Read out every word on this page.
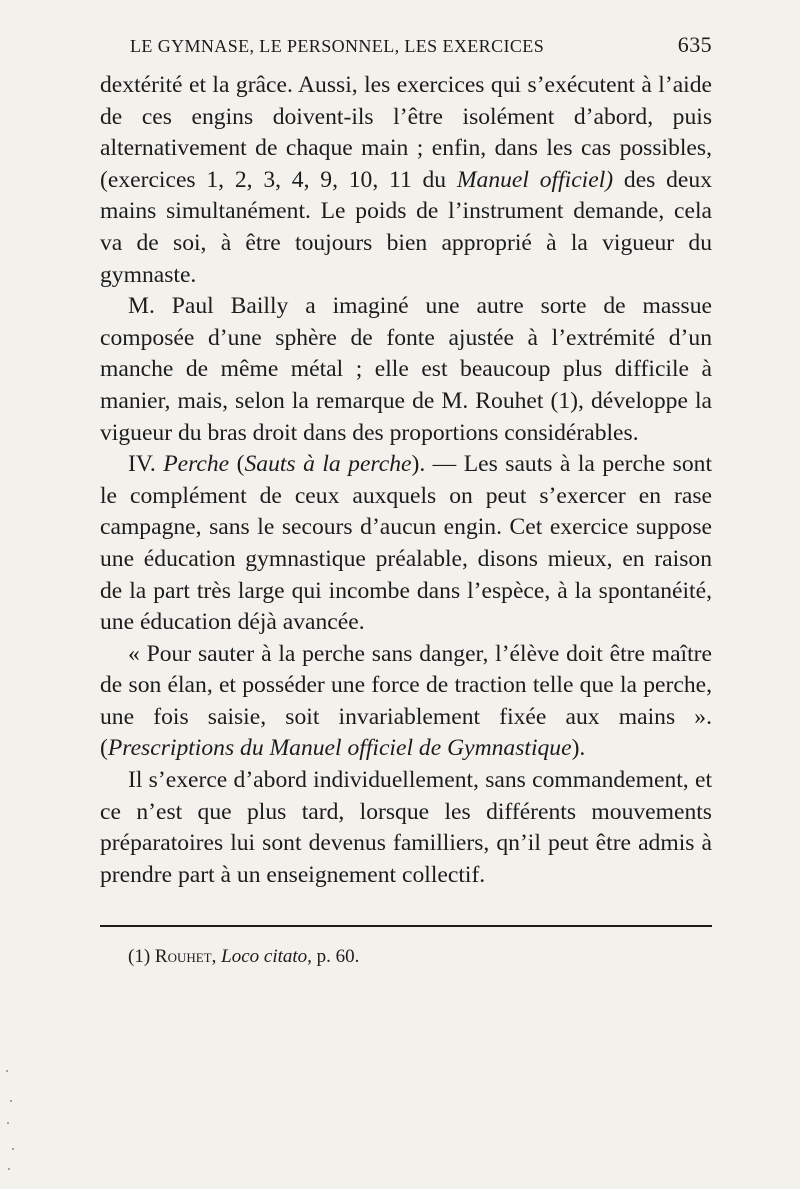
LE GYMNASE, LE PERSONNEL, LES EXERCICES	635

dextérité et la grâce. Aussi, les exercices qui s’exécutent à l’aide de ces engins doivent-ils l’être isolément d’abord, puis alternativement de chaque main ; enfin, dans les cas possibles, (exercices 1, 2, 3, 4, 9, 10, 11 du Manuel officiel) des deux mains simultanément. Le poids de l’instrument demande, cela va de soi, à être toujours bien approprié à la vigueur du gymnaste.

M. Paul Bailly a imaginé une autre sorte de massue composée d’une sphère de fonte ajustée à l’extrémité d’un manche de même métal ; elle est beaucoup plus difficile à manier, mais, selon la remarque de M. Rouhet (1), développe la vigueur du bras droit dans des proportions considérables.

IV. Perche (Sauts à la perche). — Les sauts à la perche sont le complément de ceux auxquels on peut s’exercer en rase campagne, sans le secours d’aucun engin. Cet exercice suppose une éducation gymnastique préalable, disons mieux, en raison de la part très large qui incombe dans l’espèce, à la spontanéité, une éducation déjà avancée.

« Pour sauter à la perche sans danger, l’élève doit être maître de son élan, et posséder une force de traction telle que la perche, une fois saisie, soit invariablement fixée aux mains ». (Prescriptions du Manuel officiel de Gymnastique).

Il s’exerce d’abord individuellement, sans commandement, et ce n’est que plus tard, lorsque les différents mouvements préparatoires lui sont devenus familliers, qn’il peut être admis à prendre part à un enseignement collectif.

(1) Rouhet, Loco citato, p. 60.
